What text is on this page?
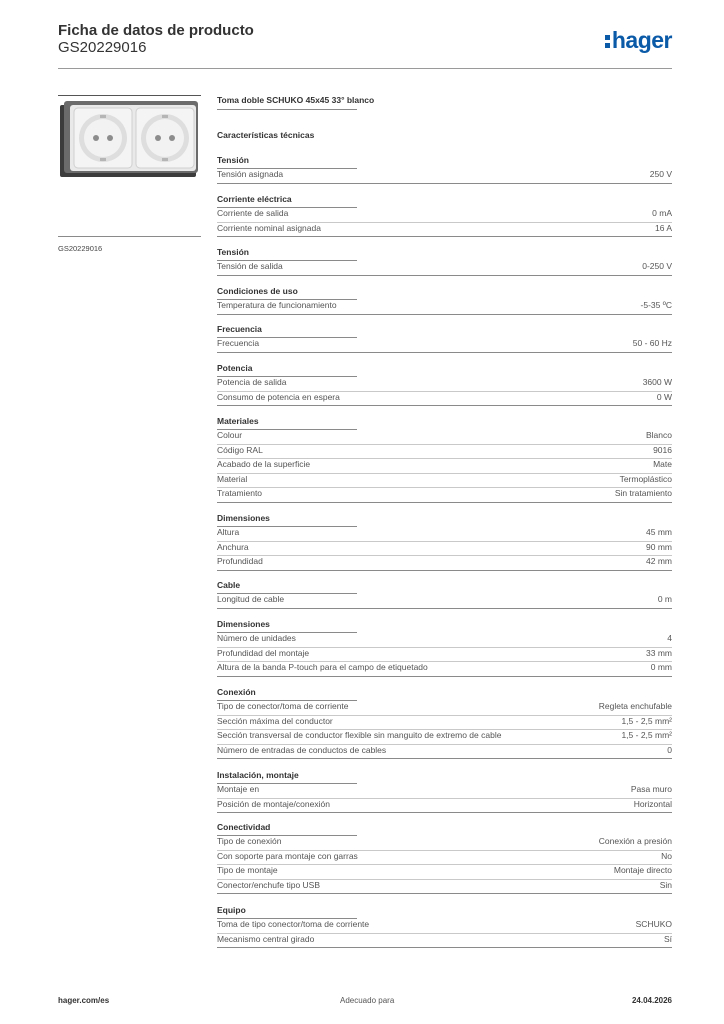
Ficha de datos de producto
GS20229016	hager
GS20229016
Toma doble SCHUKO 45x45 33° blanco
Características técnicas
Tensión
Tensión asignada	250 V
Corriente eléctrica
Corriente de salida	0 mA
Corriente nominal asignada	16 A
Tensión
Tensión de salida	0-250 V
Condiciones de uso
Temperatura de funcionamiento	-5-35 ºC
Frecuencia
Frecuencia	50 - 60 Hz
Potencia
Potencia de salida	3600 W
Consumo de potencia en espera	0 W
Materiales
Colour	Blanco
Código RAL	9016
Acabado de la superficie	Mate
Material	Termoplástico
Tratamiento	Sin tratamiento
Dimensiones
Altura	45 mm
Anchura	90 mm
Profundidad	42 mm
Cable
Longitud de cable	0 m
Dimensiones
Número de unidades	4
Profundidad del montaje	33 mm
Altura de la banda P-touch para el campo de etiquetado	0 mm
Conexión
Tipo de conector/toma de corriente	Regleta enchufable
Sección máxima del conductor	1,5 - 2,5 mm²
Sección transversal de conductor flexible sin manguito de extremo de cable	1,5 - 2,5 mm²
Número de entradas de conductos de cables	0
Instalación, montaje
Montaje en	Pasa muro
Posición de montaje/conexión	Horizontal
Conectividad
Tipo de conexión	Conexión a presión
Con soporte para montaje con garras	No
Tipo de montaje	Montaje directo
Conector/enchufe tipo USB	Sin
Equipo
Toma de tipo conector/toma de corriente	SCHUKO
Mecanismo central girado	Sí
hager.com/es	Adecuado para	24.04.2026
